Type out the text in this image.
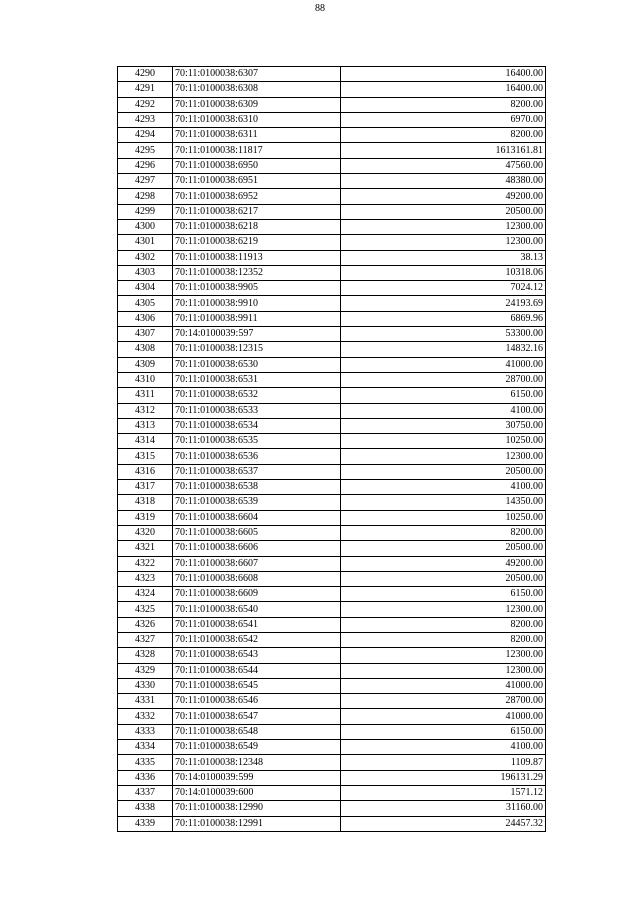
88
4290	70:11:0100038:6307	16400.00
4291	70:11:0100038:6308	16400.00
4292	70:11:0100038:6309	8200.00
4293	70:11:0100038:6310	6970.00
4294	70:11:0100038:6311	8200.00
4295	70:11:0100038:11817	1613161.81
4296	70:11:0100038:6950	47560.00
4297	70:11:0100038:6951	48380.00
4298	70:11:0100038:6952	49200.00
4299	70:11:0100038:6217	20500.00
4300	70:11:0100038:6218	12300.00
4301	70:11:0100038:6219	12300.00
4302	70:11:0100038:11913	38.13
4303	70:11:0100038:12352	10318.06
4304	70:11:0100038:9905	7024.12
4305	70:11:0100038:9910	24193.69
4306	70:11:0100038:9911	6869.96
4307	70:14:0100039:597	53300.00
4308	70:11:0100038:12315	14832.16
4309	70:11:0100038:6530	41000.00
4310	70:11:0100038:6531	28700.00
4311	70:11:0100038:6532	6150.00
4312	70:11:0100038:6533	4100.00
4313	70:11:0100038:6534	30750.00
4314	70:11:0100038:6535	10250.00
4315	70:11:0100038:6536	12300.00
4316	70:11:0100038:6537	20500.00
4317	70:11:0100038:6538	4100.00
4318	70:11:0100038:6539	14350.00
4319	70:11:0100038:6604	10250.00
4320	70:11:0100038:6605	8200.00
4321	70:11:0100038:6606	20500.00
4322	70:11:0100038:6607	49200.00
4323	70:11:0100038:6608	20500.00
4324	70:11:0100038:6609	6150.00
4325	70:11:0100038:6540	12300.00
4326	70:11:0100038:6541	8200.00
4327	70:11:0100038:6542	8200.00
4328	70:11:0100038:6543	12300.00
4329	70:11:0100038:6544	12300.00
4330	70:11:0100038:6545	41000.00
4331	70:11:0100038:6546	28700.00
4332	70:11:0100038:6547	41000.00
4333	70:11:0100038:6548	6150.00
4334	70:11:0100038:6549	4100.00
4335	70:11:0100038:12348	1109.87
4336	70:14:0100039:599	196131.29
4337	70:14:0100039:600	1571.12
4338	70:11:0100038:12990	31160.00
4339	70:11:0100038:12991	24457.32
